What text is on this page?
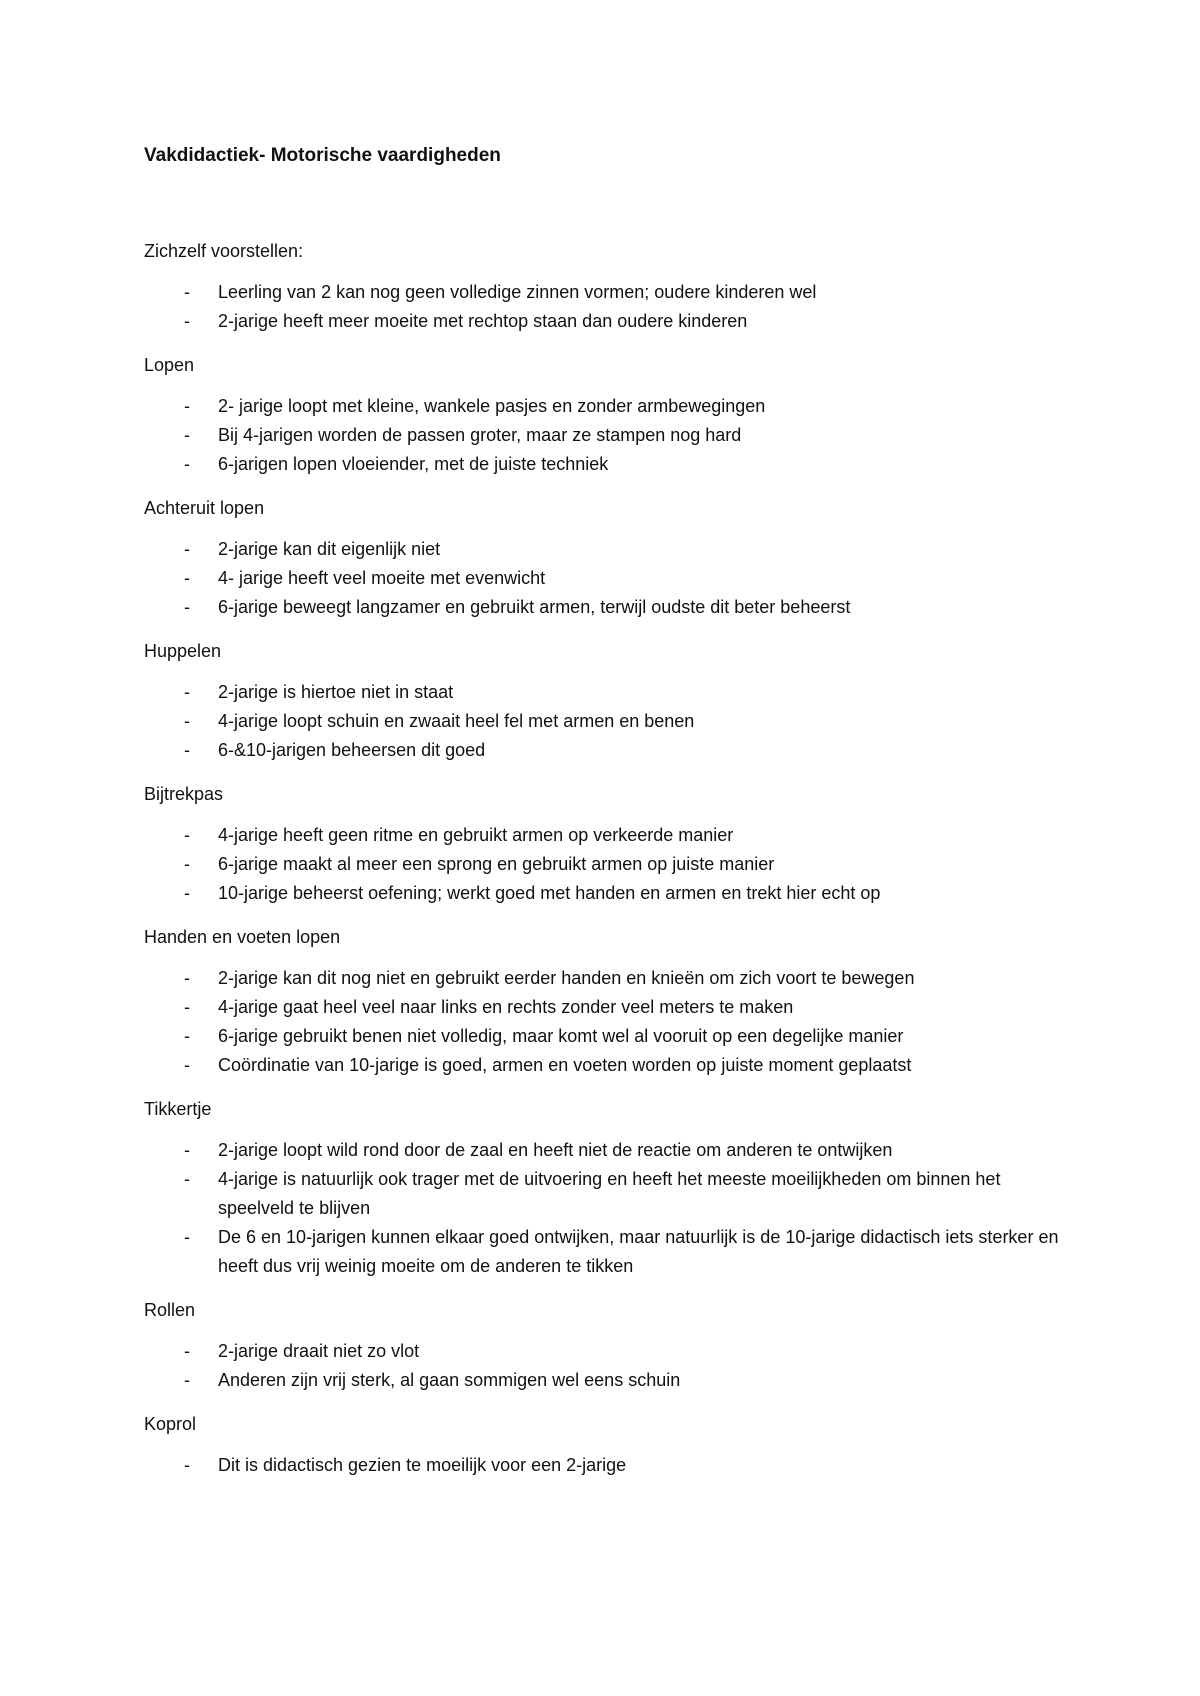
Vakdidactiek- Motorische vaardigheden
Zichzelf voorstellen:
- Leerling van 2 kan nog geen volledige zinnen vormen; oudere kinderen wel
- 2-jarige heeft meer moeite met rechtop staan dan oudere kinderen
Lopen
- 2- jarige loopt met kleine, wankele pasjes en zonder armbewegingen
- Bij 4-jarigen worden de passen groter, maar ze stampen nog hard
- 6-jarigen lopen vloeiender, met de juiste techniek
Achteruit lopen
- 2-jarige kan dit eigenlijk niet
- 4- jarige heeft veel moeite met evenwicht
- 6-jarige beweegt langzamer en gebruikt armen, terwijl oudste dit beter beheerst
Huppelen
- 2-jarige is hiertoe niet in staat
- 4-jarige loopt schuin en zwaait heel fel met armen en benen
- 6-&10-jarigen beheersen dit goed
Bijtrekpas
- 4-jarige heeft geen ritme en gebruikt armen op verkeerde manier
- 6-jarige maakt al meer een sprong en gebruikt armen op juiste manier
- 10-jarige beheerst oefening; werkt goed met handen en armen en trekt hier echt op
Handen en voeten lopen
- 2-jarige kan dit nog niet en gebruikt eerder handen en knieën om zich voort te bewegen
- 4-jarige gaat heel veel naar links en rechts zonder veel meters te maken
- 6-jarige gebruikt benen niet volledig, maar komt wel al vooruit op een degelijke manier
- Coördinatie van 10-jarige is goed, armen en voeten worden op juiste moment geplaatst
Tikkertje
- 2-jarige loopt wild rond door de zaal en heeft niet de reactie om anderen te ontwijken
- 4-jarige is natuurlijk ook trager met de uitvoering en heeft het meeste moeilijkheden om binnen het speelveld te blijven
- De 6 en 10-jarigen kunnen elkaar goed ontwijken, maar natuurlijk is de 10-jarige didactisch iets sterker en heeft dus vrij weinig moeite om de anderen te tikken
Rollen
- 2-jarige draait niet zo vlot
- Anderen zijn vrij sterk, al gaan sommigen wel eens schuin
Koprol
- Dit is didactisch gezien te moeilijk voor een 2-jarige
